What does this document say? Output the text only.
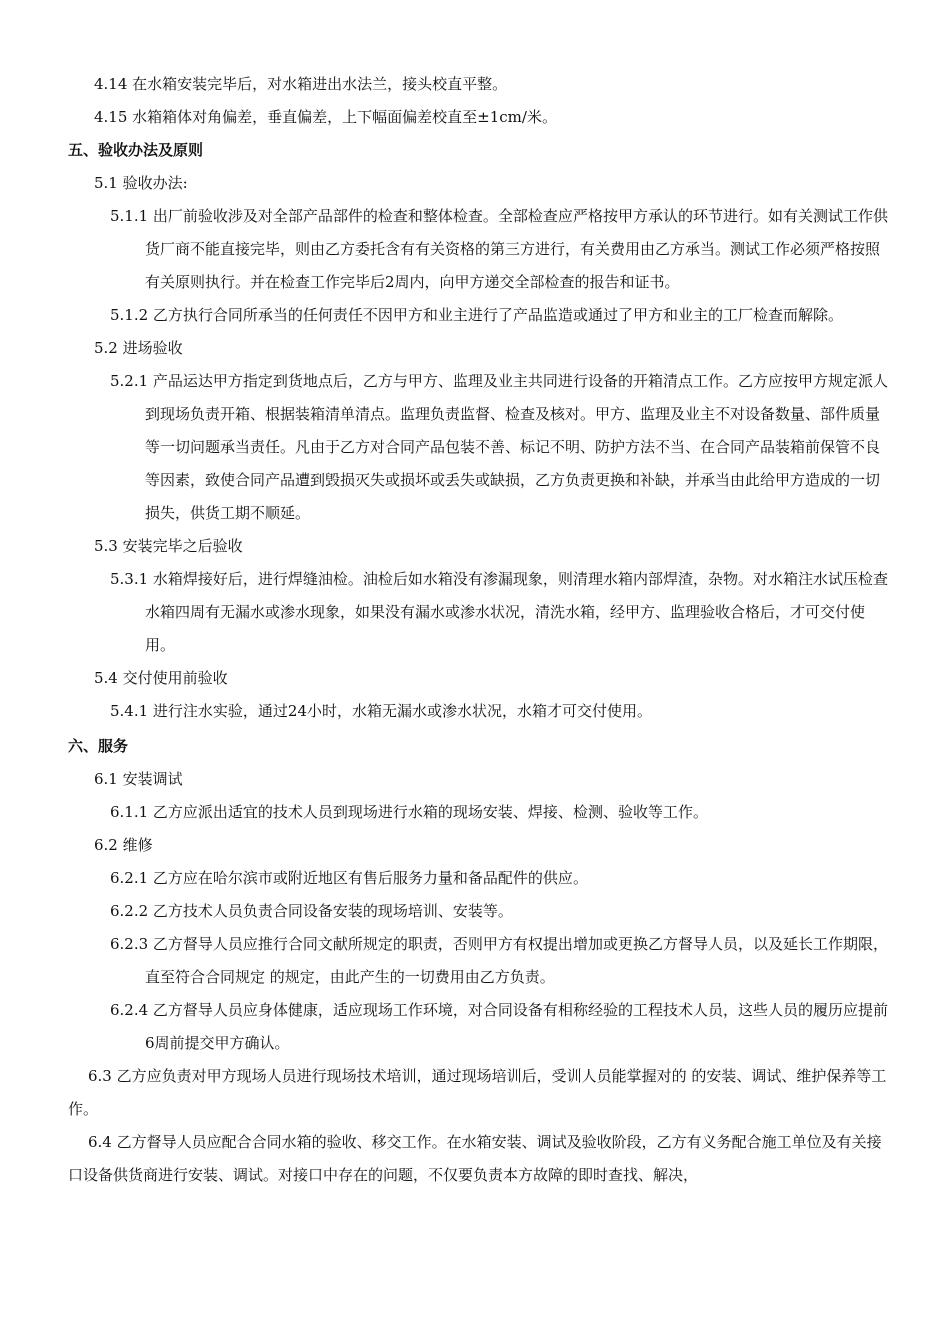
4.14 在水箱安装完毕后，对水箱进出水法兰，接头校直平整。

4.15 水箱箱体对角偏差，垂直偏差，上下幅面偏差校直至±1cm/米。

五、验收办法及原则

5.1 验收办法:

5.1.1 出厂前验收涉及对全部产品部件的检查和整体检查。全部检查应严格按甲方承认的环节进行。如有关测试工作供货厂商不能直接完毕，则由乙方委托含有有关资格的第三方进行，有关费用由乙方承当。测试工作必须严格按照有关原则执行。并在检查工作完毕后2周内，向甲方递交全部检查的报告和证书。

5.1.2 乙方执行合同所承当的任何责任不因甲方和业主进行了产品监造或通过了甲方和业主的工厂检查而解除。

5.2 进场验收

5.2.1 产品运达甲方指定到货地点后，乙方与甲方、监理及业主共同进行设备的开箱清点工作。乙方应按甲方规定派人到现场负责开箱、根据装箱清单清点。监理负责监督、检查及核对。甲方、监理及业主不对设备数量、部件质量等一切问题承当责任。凡由于乙方对合同产品包装不善、标记不明、防护方法不当、在合同产品装箱前保管不良等因素，致使合同产品遭到毁损灭失或损坏或丢失或缺损，乙方负责更换和补缺，并承当由此给甲方造成的一切损失，供货工期不顺延。

5.3 安装完毕之后验收

5.3.1 水箱焊接好后，进行焊缝油检。油检后如水箱没有渗漏现象，则清理水箱内部焊渣，杂物。对水箱注水试压检查水箱四周有无漏水或渗水现象，如果没有漏水或渗水状况，清洗水箱，经甲方、监理验收合格后，才可交付使用。

5.4 交付使用前验收

5.4.1 进行注水实验，通过24小时，水箱无漏水或渗水状况，水箱才可交付使用。

六、服务

6.1 安装调试

6.1.1 乙方应派出适宜的技术人员到现场进行水箱的现场安装、焊接、检测、验收等工作。

6.2 维修

6.2.1 乙方应在哈尔滨市或附近地区有售后服务力量和备品配件的供应。

6.2.2 乙方技术人员负责合同设备安装的现场培训、安装等。

6.2.3 乙方督导人员应推行合同文献所规定的职责，否则甲方有权提出增加或更换乙方督导人员，以及延长工作期限，直至符合合同规定 的规定，由此产生的一切费用由乙方负责。

6.2.4 乙方督导人员应身体健康，适应现场工作环境，对合同设备有相称经验的工程技术人员，这些人员的履历应提前6周前提交甲方确认。

6.3 乙方应负责对甲方现场人员进行现场技术培训，通过现场培训后，受训人员能掌握对的 的安装、调试、维护保养等工作。

6.4 乙方督导人员应配合合同水箱的验收、移交工作。在水箱安装、调试及验收阶段，乙方有义务配合施工单位及有关接口设备供货商进行安装、调试。对接口中存在的问题，不仅要负责本方故障的即时查找、解决，
